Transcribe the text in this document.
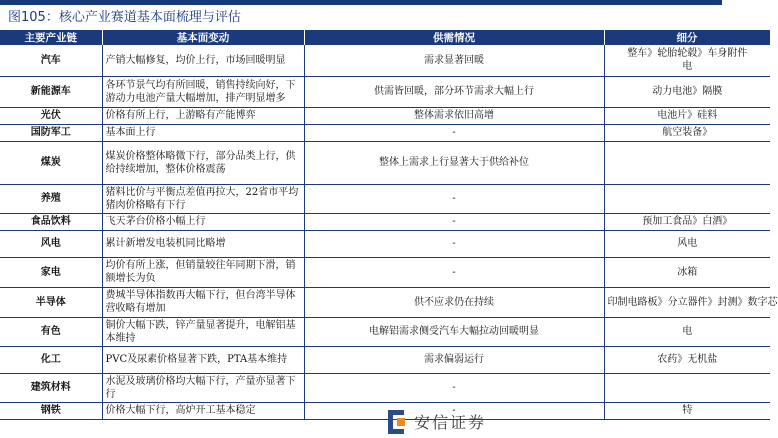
图105：核心产业赛道基本面梳理与评估
主要产业链	基本面变动	供需情况	细分
汽车	产销大幅修复，均价上行，市场回暖明显	需求显著回暖	整车》轮胎轮毂》车身附件
电
新能源车	各环节景气均有所回暖，销售持续向好，下游动力电池产量大幅增加，排产明显增多	供需皆回暖，部分环节需求大幅上行	动力电池》隔膜
光伏	价格有所上行，上游略有产能博弈	整体需求依旧高增	电池片》硅料
国防军工	基本面上行	-	航空装备》
煤炭	煤炭价格整体略微下行，部分品类上行，供给持续增加，整体价格震荡	整体上需求上行显著大于供给补位	
养殖	猪料比价与平衡点差值再拉大，22省市平均猪肉价格略有下行	-	
食品饮料	飞天茅台价格小幅上行	-	预加工食品》白酒》
风电	累计新增发电装机同比略增	-	风电
家电	均价有所上涨，但销量较往年同期下滑，销额增长为负	-	冰箱
半导体	费城半导体指数再大幅下行，但台湾半导体营收略有增加	供不应求仍在持续	印制电路板》分立器件》封测》数字芯
有色	铜价大幅下跌，锌产量显著提升，电解铝基本维持	电解铝需求侧受汽车大幅拉动回暖明显	电
化工	PVC及尿素价格显著下跌，PTA基本维持	需求偏弱运行	农药》无机盐
建筑材料	水泥及玻璃价格均大幅下行，产量亦显著下行	-	
钢铁	价格大幅下行，高炉开工基本稳定	-	特
安信证券
